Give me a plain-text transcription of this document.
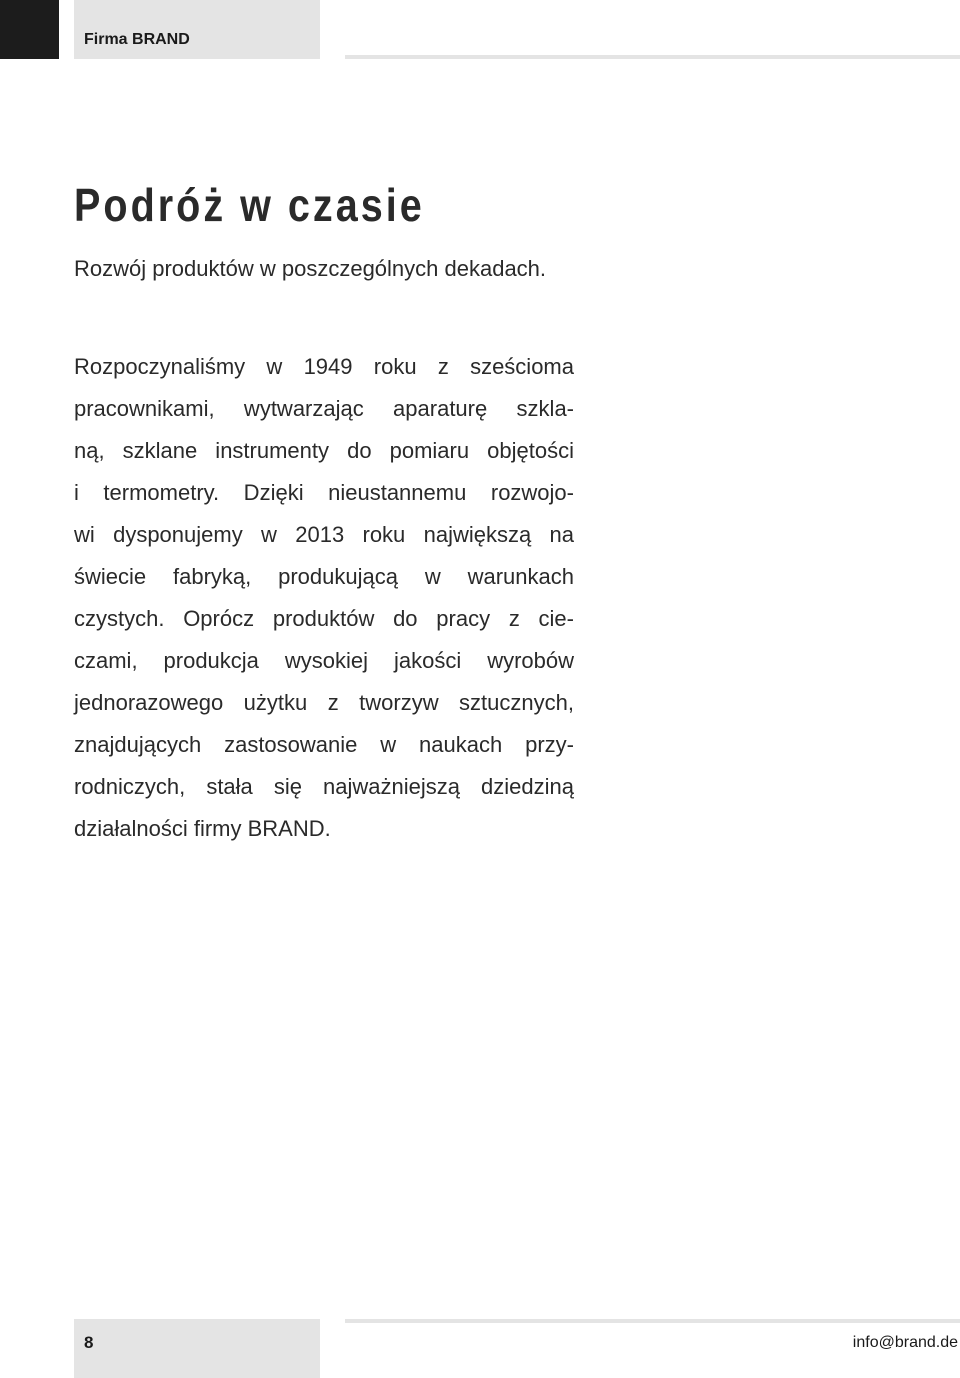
Firma BRAND
Podróż w czasie

Rozwój produktów w poszczególnych dekadach.

Rozpoczynaliśmy w 1949 roku z sześcioma
pracownikami, wytwarzając aparaturę szkla-
ną, szklane instrumenty do pomiaru objętości
i termometry. Dzięki nieustannemu rozwojo-
wi dysponujemy w 2013 roku największą na
świecie fabryką, produkującą w warunkach
czystych. Oprócz produktów do pracy z cie-
czami, produkcja wysokiej jakości wyrobów
jednorazowego użytku z tworzyw sztucznych,
znajdujących zastosowanie w naukach przy-
rodniczych, stała się najważniejszą dziedziną
działalności firmy BRAND.
8	info@brand.de
